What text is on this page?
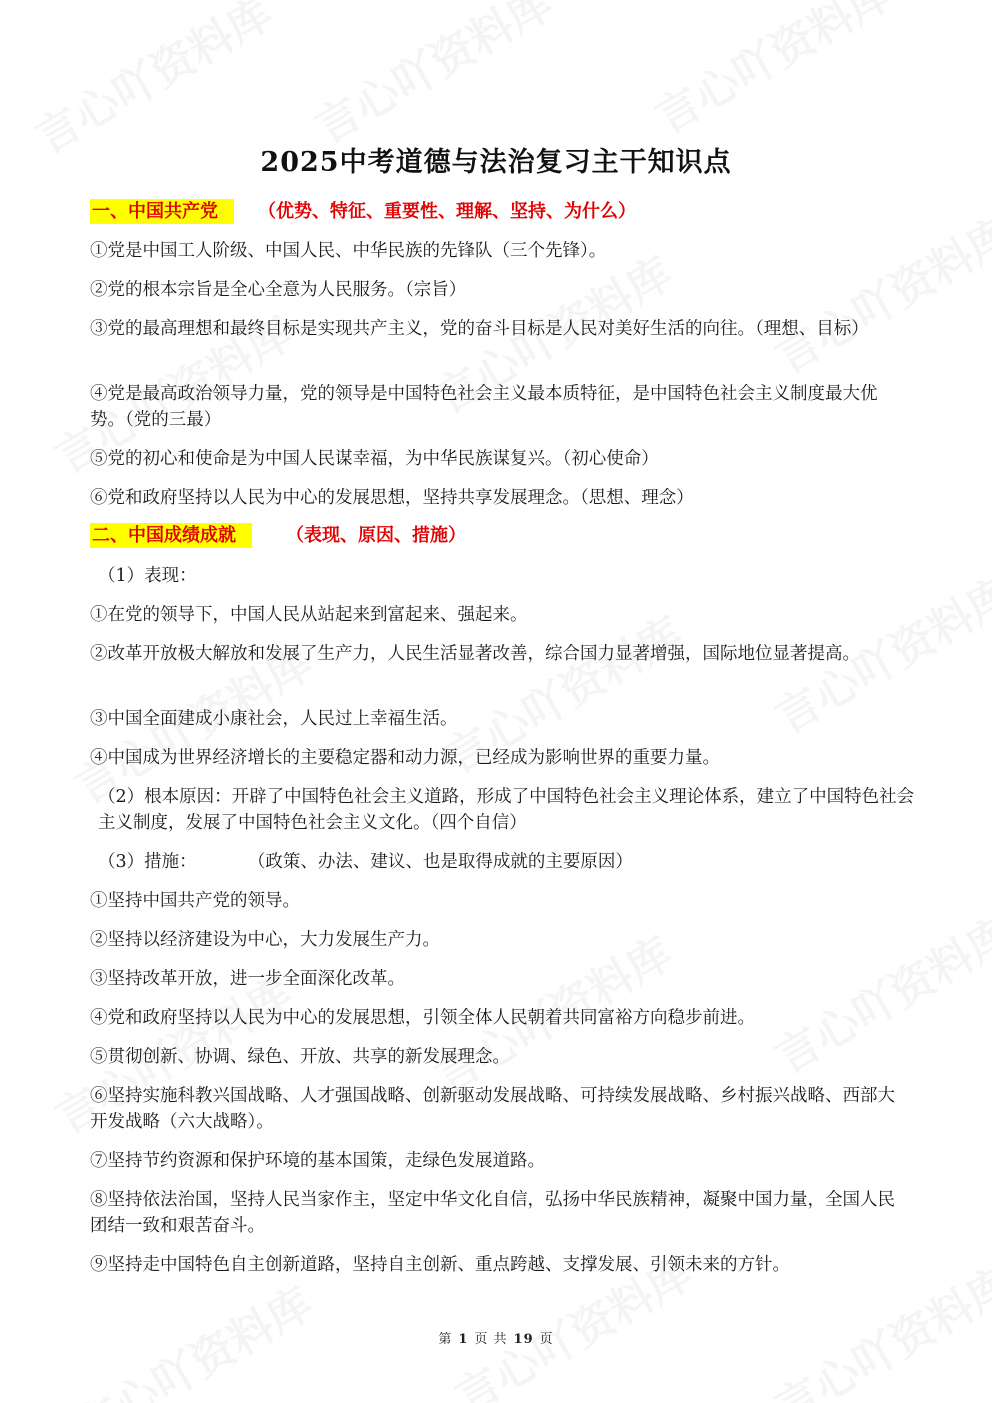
2025中考道德与法治复习主干知识点
一、中国共产党 （优势、特征、重要性、理解、坚持、为什么）
①党是中国工人阶级、中国人民、中华民族的先锋队（三个先锋）。
②党的根本宗旨是全心全意为人民服务。（宗旨）
③党的最高理想和最终目标是实现共产主义，党的奋斗目标是人民对美好生活的向往。（理想、目标）
④党是最高政治领导力量，党的领导是中国特色社会主义最本质特征，是中国特色社会主义制度最大优势。（党的三最）
⑤党的初心和使命是为中国人民谋幸福，为中华民族谋复兴。（初心使命）
⑥党和政府坚持以人民为中心的发展思想，坚持共享发展理念。（思想、理念）
二、中国成绩成就	（表现、原因、措施）
（1）表现：
①在党的领导下，中国人民从站起来到富起来、强起来。
②改革开放极大解放和发展了生产力，人民生活显著改善，综合国力显著增强，国际地位显著提高。
③中国全面建成小康社会，人民过上幸福生活。
④中国成为世界经济增长的主要稳定器和动力源，已经成为影响世界的重要力量。
（2）根本原因：开辟了中国特色社会主义道路，形成了中国特色社会主义理论体系，建立了中国特色社会主义制度，发展了中国特色社会主义文化。（四个自信）
（3）措施：	（政策、办法、建议、也是取得成就的主要原因）
①坚持中国共产党的领导。
②坚持以经济建设为中心，大力发展生产力。
③坚持改革开放，进一步全面深化改革。
④党和政府坚持以人民为中心的发展思想，引领全体人民朝着共同富裕方向稳步前进。
⑤贯彻创新、协调、绿色、开放、共享的新发展理念。
⑥坚持实施科教兴国战略、人才强国战略、创新驱动发展战略、可持续发展战略、乡村振兴战略、西部大开发战略（六大战略）。
⑦坚持节约资源和保护环境的基本国策，走绿色发展道路。
⑧坚持依法治国，坚持人民当家作主，坚定中华文化自信，弘扬中华民族精神，凝聚中国力量，全国人民团结一致和艰苦奋斗。
⑨坚持走中国特色自主创新道路，坚持自主创新、重点跨越、支撑发展、引领未来的方针。
第 1 页 共 19 页
